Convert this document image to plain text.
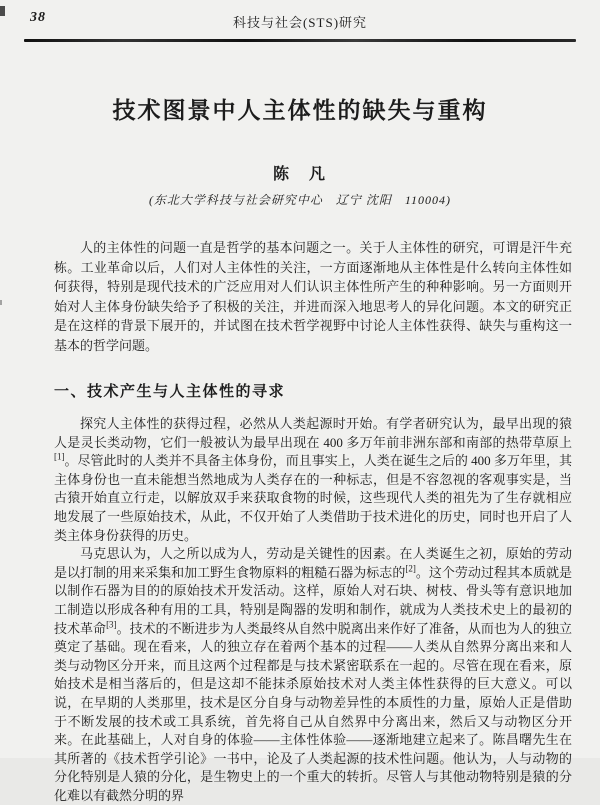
38	科技与社会(STS)研究
技术图景中人主体性的缺失与重构
陈　凡
(东北大学科技与社会研究中心　辽宁 沈阳　110004)
人的主体性的问题一直是哲学的基本问题之一。关于人主体性的研究，可谓是汗牛充栋。工业革命以后，人们对人主体性的关注，一方面逐渐地从主体性是什么转向主体性如何获得，特别是现代技术的广泛应用对人们认识主体性所产生的种种影响。另一方面则开始对人主体身份缺失给予了积极的关注，并进而深入地思考人的异化问题。本文的研究正是在这样的背景下展开的，并试图在技术哲学视野中讨论人主体性获得、缺失与重构这一基本的哲学问题。
一、技术产生与人主体性的寻求

探究人主体性的获得过程，必然从人类起源时开始。有学者研究认为，最早出现的猿人是灵长类动物，它们一般被认为最早出现在 400 多万年前非洲东部和南部的热带草原上[1]。尽管此时的人类并不具备主体身份，而且事实上，人类在诞生之后的 400 多万年里，其主体身份也一直未能想当然地成为人类存在的一种标志，但是不容忽视的客观事实是，当古猿开始直立行走，以解放双手来获取食物的时候，这些现代人类的祖先为了生存就相应地发展了一些原始技术，从此，不仅开始了人类借助于技术进化的历史，同时也开启了人类主体身份获得的历史。

马克思认为，人之所以成为人，劳动是关键性的因素。在人类诞生之初，原始的劳动是以打制的用来采集和加工野生食物原料的粗糙石器为标志的[2]。这个劳动过程其本质就是以制作石器为目的的原始技术开发活动。这样，原始人对石块、树枝、骨头等有意识地加工制造以形成各种有用的工具，特别是陶器的发明和制作，就成为人类技术史上的最初的技术革命[3]。技术的不断进步为人类最终从自然中脱离出来作好了准备，从而也为人的独立奠定了基础。现在看来，人的独立存在着两个基本的过程——人类从自然界分离出来和人类与动物区分开来，而且这两个过程都是与技术紧密联系在一起的。尽管在现在看来，原始技术是相当落后的，但是这却不能抹杀原始技术对人类主体性获得的巨大意义。可以说，在早期的人类那里，技术是区分自身与动物差异性的本质性的力量，原始人正是借助于不断发展的技术或工具系统，首先将自己从自然界中分离出来，然后又与动物区分开来。在此基础上，人对自身的体验——主体性体验——逐渐地建立起来了。陈昌曙先生在其所著的《技术哲学引论》一书中，论及了人类起源的技术性问题。他认为，人与动物的分化特别是人猿的分化，是生物史上的一个重大的转折。尽管人与其他动物特别是猿的分化难以有截然分明的界
